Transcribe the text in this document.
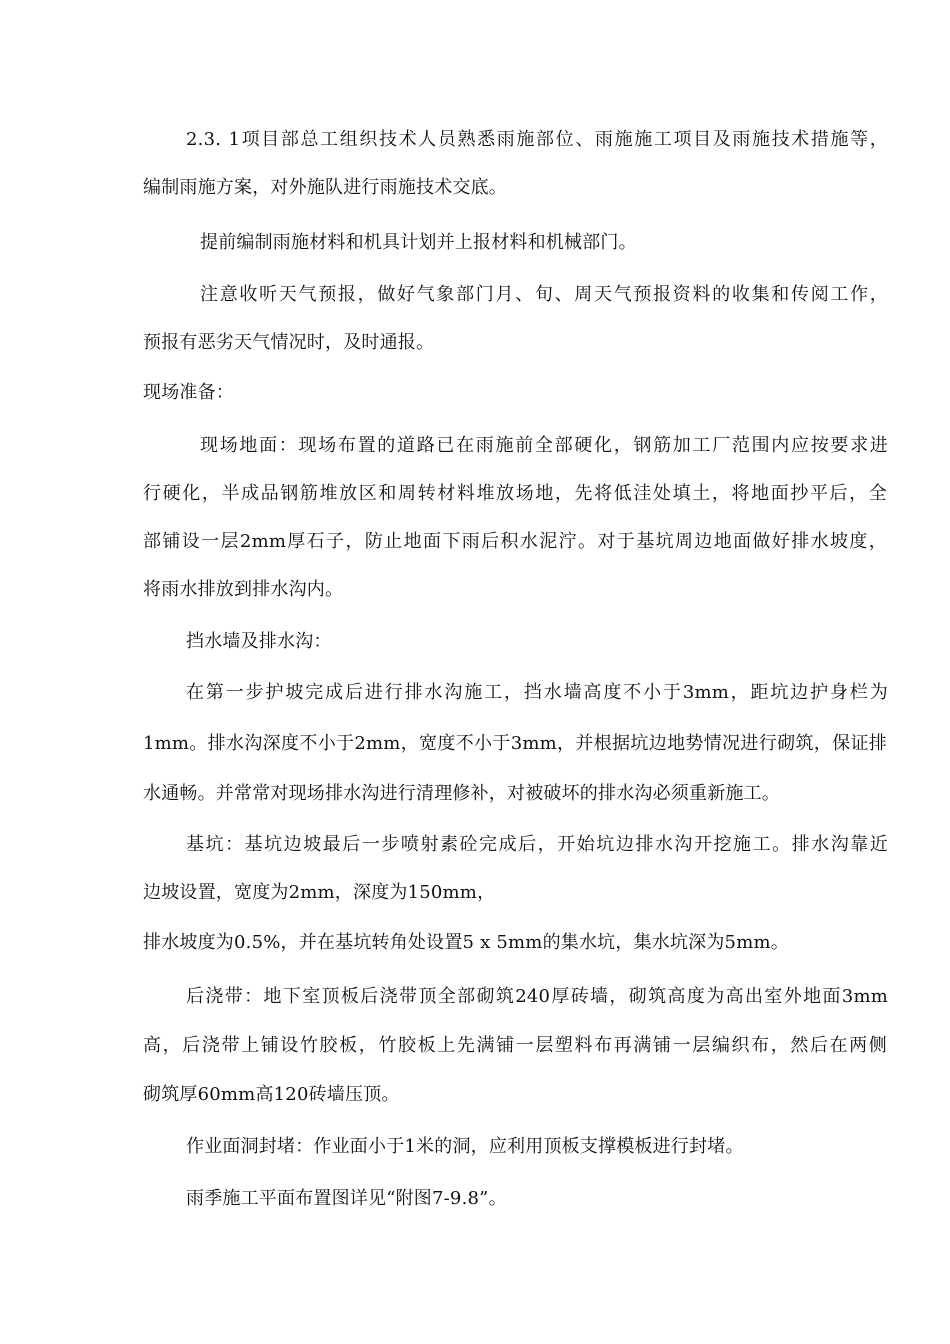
2.3. 1项目部总工组织技术人员熟悉雨施部位、雨施施工项目及雨施技术措施等，
编制雨施方案，对外施队进行雨施技术交底。
提前编制雨施材料和机具计划并上报材料和机械部门。
注意收听天气预报，做好气象部门月、旬、周天气预报资料的收集和传阅工作，
预报有恶劣天气情况时，及时通报。
现场准备：
现场地面：现场布置的道路已在雨施前全部硬化，钢筋加工厂范围内应按要求进
行硬化，半成品钢筋堆放区和周转材料堆放场地，先将低洼处填土，将地面抄平后，全
部铺设一层2mm厚石子，防止地面下雨后积水泥泞。对于基坑周边地面做好排水坡度，
将雨水排放到排水沟内。
挡水墙及排水沟：
在第一步护坡完成后进行排水沟施工，挡水墙高度不小于3mm，距坑边护身栏为
1mm。排水沟深度不小于2mm，宽度不小于3mm，并根据坑边地势情况进行砌筑，保证排
水通畅。并常常对现场排水沟进行清理修补，对被破坏的排水沟必须重新施工。
基坑：基坑边坡最后一步喷射素砼完成后，开始坑边排水沟开挖施工。排水沟靠近
边坡设置，宽度为2mm，深度为150mm，
排水坡度为0.5%，并在基坑转角处设置5 x 5mm的集水坑，集水坑深为5mm。
后浇带：地下室顶板后浇带顶全部砌筑240厚砖墙，砌筑高度为高出室外地面3mm
高，后浇带上铺设竹胶板，竹胶板上先满铺一层塑料布再满铺一层编织布，然后在两侧
砌筑厚60mm高120砖墙压顶。
作业面洞封堵：作业面小于1米的洞，应利用顶板支撑模板进行封堵。
雨季施工平面布置图详见“附图7-9.8”。
